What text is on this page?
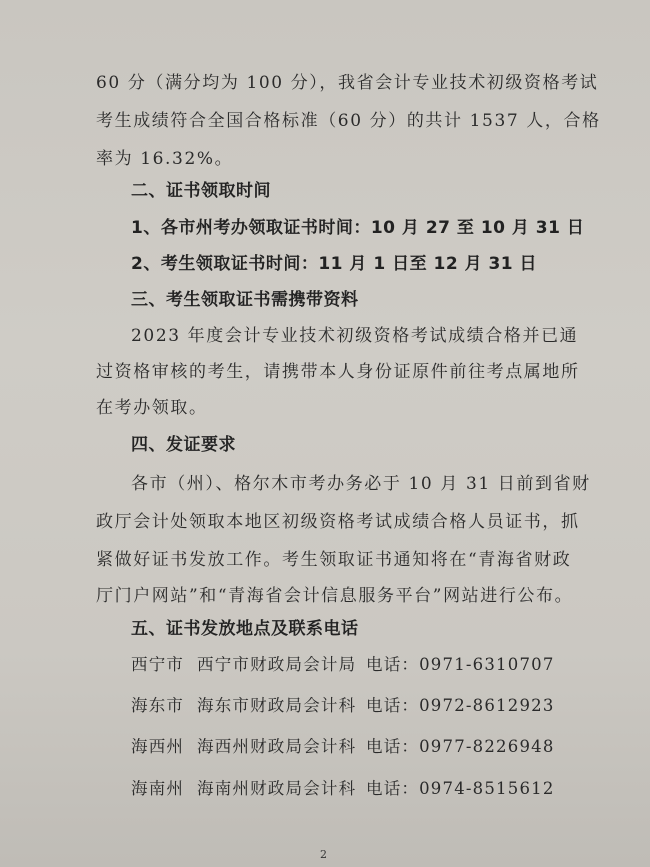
60 分（满分均为 100 分），我省会计专业技术初级资格考试
考生成绩符合全国合格标准（60 分）的共计 1537 人，合格
率为 16.32%。
二、证书领取时间
1、各市州考办领取证书时间：10 月 27 至 10 月 31 日
2、考生领取证书时间：11 月 1 日至 12 月 31 日
三、考生领取证书需携带资料
2023 年度会计专业技术初级资格考试成绩合格并已通
过资格审核的考生，请携带本人身份证原件前往考点属地所
在考办领取。
四、发证要求
各市（州）、格尔木市考办务必于 10 月 31 日前到省财
政厅会计处领取本地区初级资格考试成绩合格人员证书，抓
紧做好证书发放工作。考生领取证书通知将在“青海省财政
厅门户网站”和“青海省会计信息服务平台”网站进行公布。
五、证书发放地点及联系电话
西宁市 西宁市财政局会计局 电话：0971-6310707
海东市 海东市财政局会计科 电话：0972-8612923
海西州 海西州财政局会计科 电话：0977-8226948
海南州 海南州财政局会计科 电话：0974-8515612
2
